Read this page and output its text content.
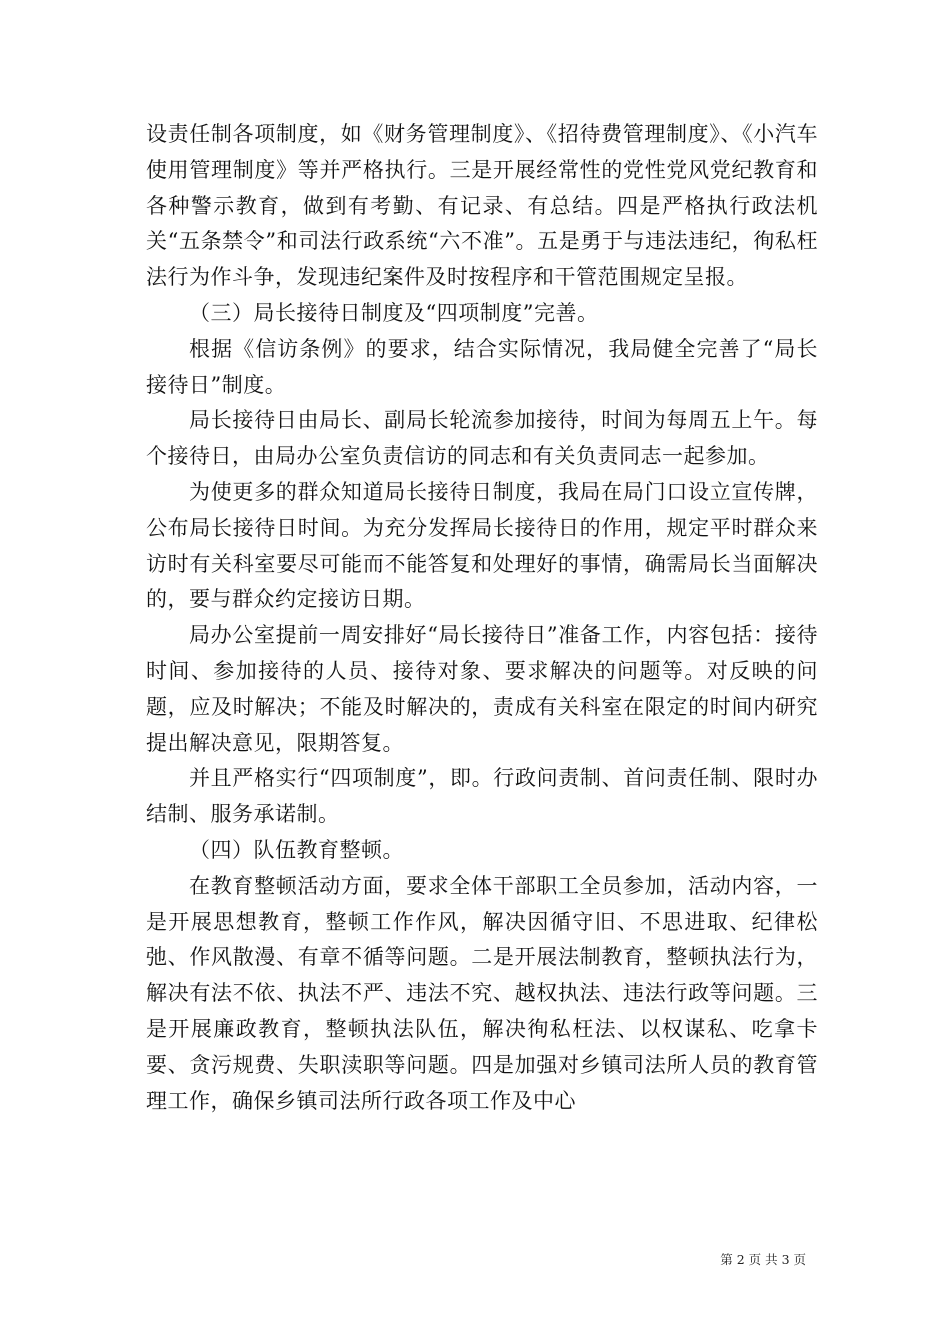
设责任制各项制度，如《财务管理制度》、《招待费管理制度》、《小汽车使用管理制度》等并严格执行。三是开展经常性的党性党风党纪教育和各种警示教育，做到有考勤、有记录、有总结。四是严格执行政法机关“五条禁令”和司法行政系统“六不准”。五是勇于与违法违纪，徇私枉法行为作斗争，发现违纪案件及时按程序和干管范围规定呈报。

（三）局长接待日制度及“四项制度”完善。

根据《信访条例》的要求，结合实际情况，我局健全完善了“局长接待日”制度。

局长接待日由局长、副局长轮流参加接待，时间为每周五上午。每个接待日，由局办公室负责信访的同志和有关负责同志一起参加。

为使更多的群众知道局长接待日制度，我局在局门口设立宣传牌，公布局长接待日时间。为充分发挥局长接待日的作用，规定平时群众来访时有关科室要尽可能而不能答复和处理好的事情，确需局长当面解决的，要与群众约定接访日期。

局办公室提前一周安排好“局长接待日”准备工作，内容包括：接待时间、参加接待的人员、接待对象、要求解决的问题等。对反映的问题，应及时解决；不能及时解决的，责成有关科室在限定的时间内研究提出解决意见，限期答复。

并且严格实行“四项制度”，即。行政问责制、首问责任制、限时办结制、服务承诺制。

（四）队伍教育整顿。

在教育整顿活动方面，要求全体干部职工全员参加，活动内容，一是开展思想教育，整顿工作作风，解决因循守旧、不思进取、纪律松弛、作风散漫、有章不循等问题。二是开展法制教育，整顿执法行为，解决有法不依、执法不严、违法不究、越权执法、违法行政等问题。三是开展廉政教育，整顿执法队伍，解决徇私枉法、以权谋私、吃拿卡要、贪污规费、失职渎职等问题。四是加强对乡镇司法所人员的教育管理工作，确保乡镇司法所行政各项工作及中心

第 2 页 共 3 页
